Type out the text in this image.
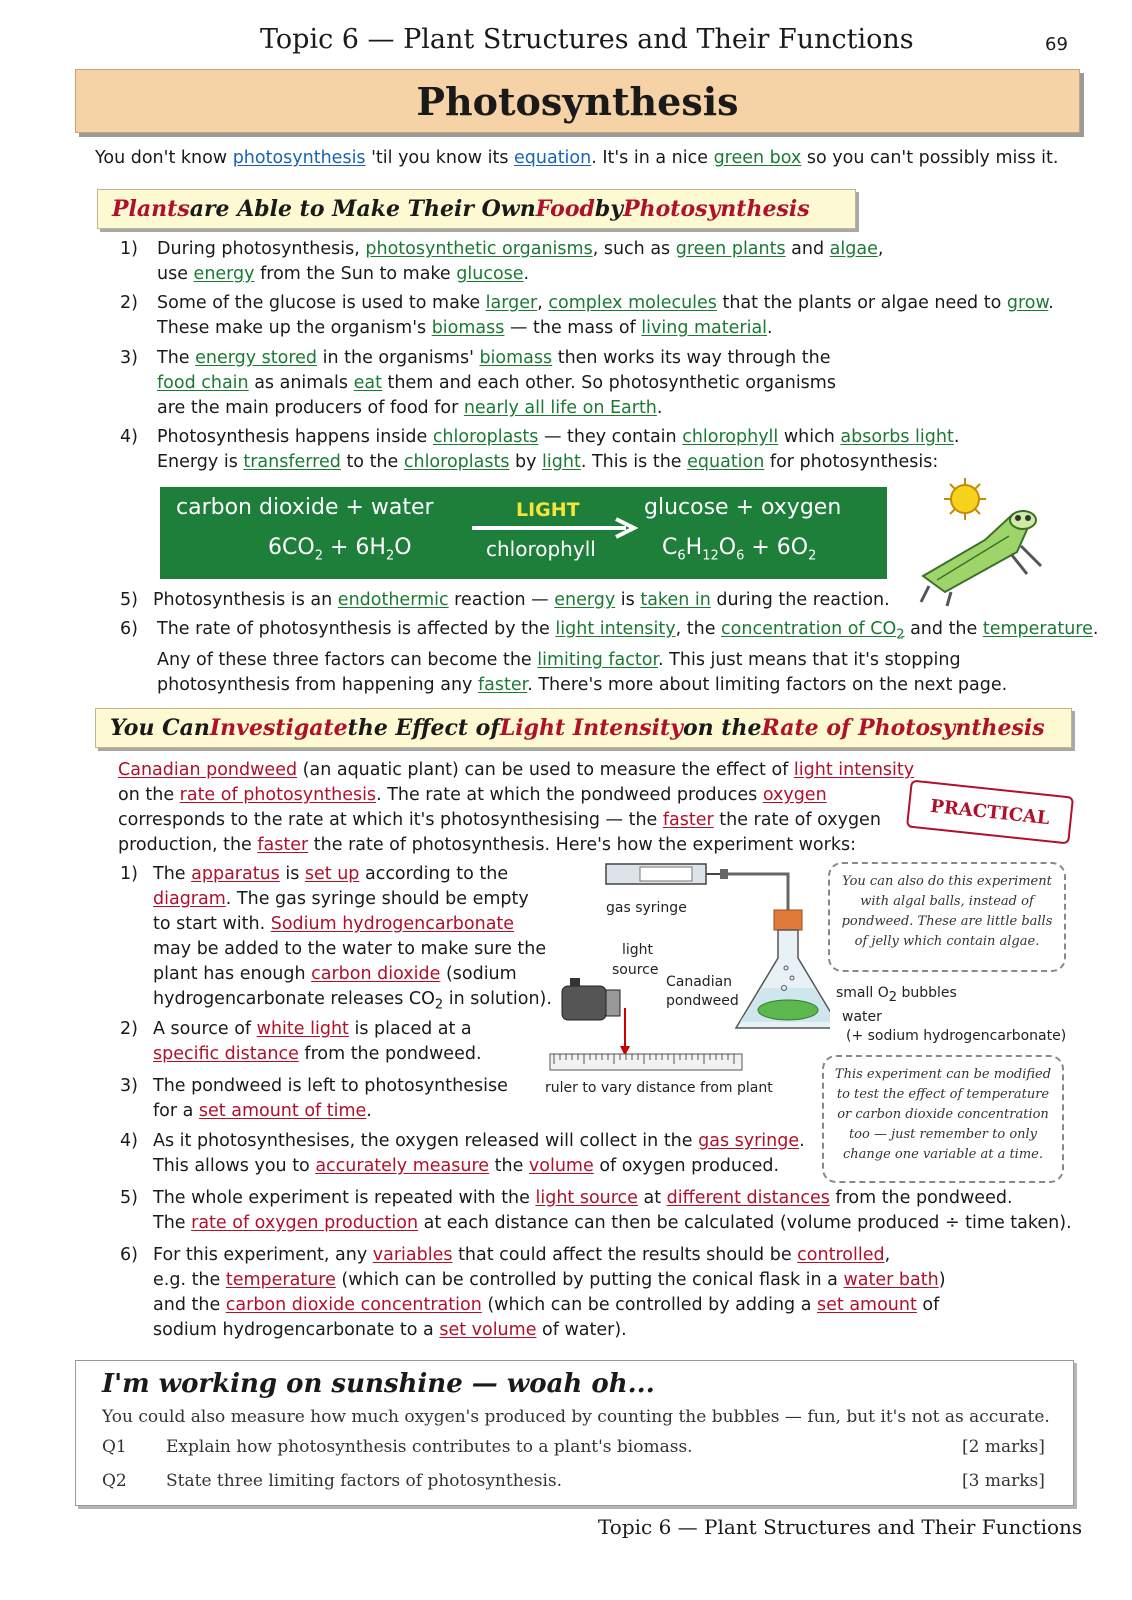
Topic 6 — Plant Structures and Their Functions	69
Photosynthesis
You don't know photosynthesis 'til you know its equation. It's in a nice green box so you can't possibly miss it.
Plants are Able to Make Their Own Food by Photosynthesis
1) During photosynthesis, photosynthetic organisms, such as green plants and algae,
use energy from the Sun to make glucose.
2) Some of the glucose is used to make larger, complex molecules that the plants or algae need to grow.
These make up the organism's biomass — the mass of living material.
3) The energy stored in the organisms' biomass then works its way through the
food chain as animals eat them and each other. So photosynthetic organisms
are the main producers of food for nearly all life on Earth.
4) Photosynthesis happens inside chloroplasts — they contain chlorophyll which absorbs light.
Energy is transferred to the chloroplasts by light. This is the equation for photosynthesis:
carbon dioxide + water	LIGHT	glucose + oxygen
$6CO_2 + 6H_2O$	chlorophyll	$C_6H_{12}O_6 + 6O_2$
5) Photosynthesis is an endothermic reaction — energy is taken in during the reaction.
6) The rate of photosynthesis is affected by the light intensity, the concentration of $CO_2$ and the temperature.
Any of these three factors can become the limiting factor. This just means that it's stopping
photosynthesis from happening any faster. There's more about limiting factors on the next page.
You Can Investigate the Effect of Light Intensity on the Rate of Photosynthesis
Canadian pondweed (an aquatic plant) can be used to measure the effect of light intensity
on the rate of photosynthesis. The rate at which the pondweed produces oxygen
corresponds to the rate at which it's photosynthesising — the faster the rate of oxygen
production, the faster the rate of photosynthesis. Here's how the experiment works:
PRACTICAL
1) The apparatus is set up according to the
diagram. The gas syringe should be empty
to start with. Sodium hydrogencarbonate
may be added to the water to make sure the
plant has enough carbon dioxide (sodium
hydrogencarbonate releases $CO_2$ in solution).
2) A source of white light is placed at a
specific distance from the pondweed.
3) The pondweed is left to photosynthesise
for a set amount of time.
4) As it photosynthesises, the oxygen released will collect in the gas syringe.
This allows you to accurately measure the volume of oxygen produced.
5) The whole experiment is repeated with the light source at different distances from the pondweed.
The rate of oxygen production at each distance can then be calculated (volume produced ÷ time taken).
6) For this experiment, any variables that could affect the results should be controlled,
e.g. the temperature (which can be controlled by putting the conical flask in a water bath)
and the carbon dioxide concentration (which can be controlled by adding a set amount of
sodium hydrogencarbonate to a set volume of water).
You can also do this experiment with algal balls, instead of pondweed. These are little balls of jelly which contain algae.
This experiment can be modified to test the effect of temperature or carbon dioxide concentration too — just remember to only change one variable at a time.
gas syringe
light
source
Canadian
pondweed	small $O_2$ bubbles
water
(+ sodium hydrogencarbonate)
ruler to vary distance from plant
I'm working on sunshine — woah oh...
You could also measure how much oxygen's produced by counting the bubbles — fun, but it's not as accurate.
Q1 Explain how photosynthesis contributes to a plant's biomass.	[2 marks]
Q2 State three limiting factors of photosynthesis.	[3 marks]
Topic 6 — Plant Structures and Their Functions
